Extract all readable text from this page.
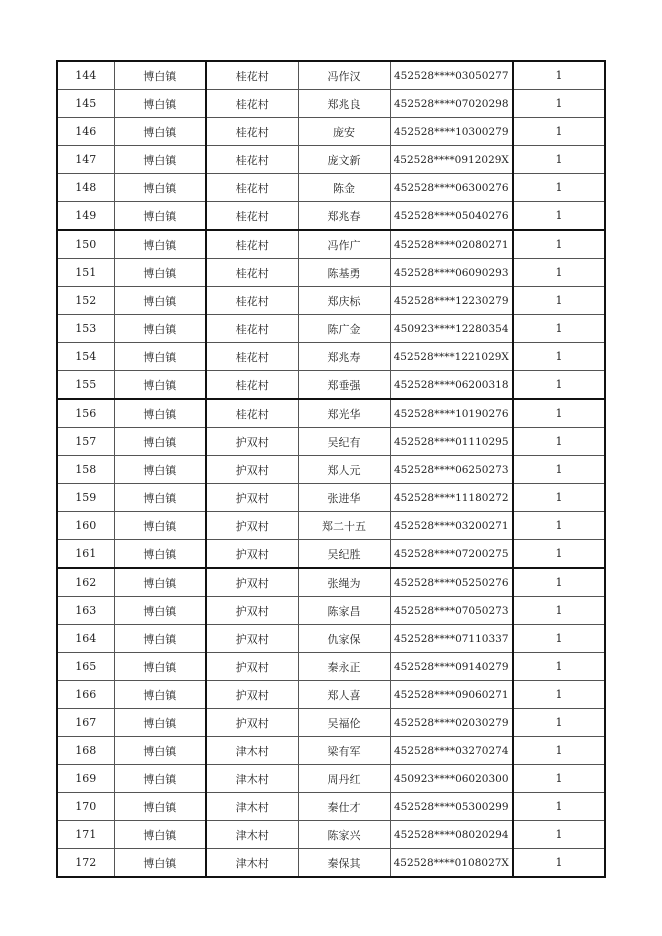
144	博白镇	桂花村	冯作汉	452528****03050277	1
145	博白镇	桂花村	郑兆良	452528****07020298	1
146	博白镇	桂花村	庞安	452528****10300279	1
147	博白镇	桂花村	庞文新	452528****0912029X	1
148	博白镇	桂花村	陈金	452528****06300276	1
149	博白镇	桂花村	郑兆春	452528****05040276	1
150	博白镇	桂花村	冯作广	452528****02080271	1
151	博白镇	桂花村	陈基勇	452528****06090293	1
152	博白镇	桂花村	郑庆标	452528****12230279	1
153	博白镇	桂花村	陈广金	450923****12280354	1
154	博白镇	桂花村	郑兆寿	452528****1221029X	1
155	博白镇	桂花村	郑垂强	452528****06200318	1
156	博白镇	桂花村	郑光华	452528****10190276	1
157	博白镇	护双村	吴纪有	452528****01110295	1
158	博白镇	护双村	郑人元	452528****06250273	1
159	博白镇	护双村	张进华	452528****11180272	1
160	博白镇	护双村	郑二十五	452528****03200271	1
161	博白镇	护双村	吴纪胜	452528****07200275	1
162	博白镇	护双村	张绳为	452528****05250276	1
163	博白镇	护双村	陈家昌	452528****07050273	1
164	博白镇	护双村	仇家保	452528****07110337	1
165	博白镇	护双村	秦永正	452528****09140279	1
166	博白镇	护双村	郑人喜	452528****09060271	1
167	博白镇	护双村	吴福伦	452528****02030279	1
168	博白镇	津木村	梁有军	452528****03270274	1
169	博白镇	津木村	周丹红	450923****06020300	1
170	博白镇	津木村	秦仕才	452528****05300299	1
171	博白镇	津木村	陈家兴	452528****08020294	1
172	博白镇	津木村	秦保其	452528****0108027X	1
